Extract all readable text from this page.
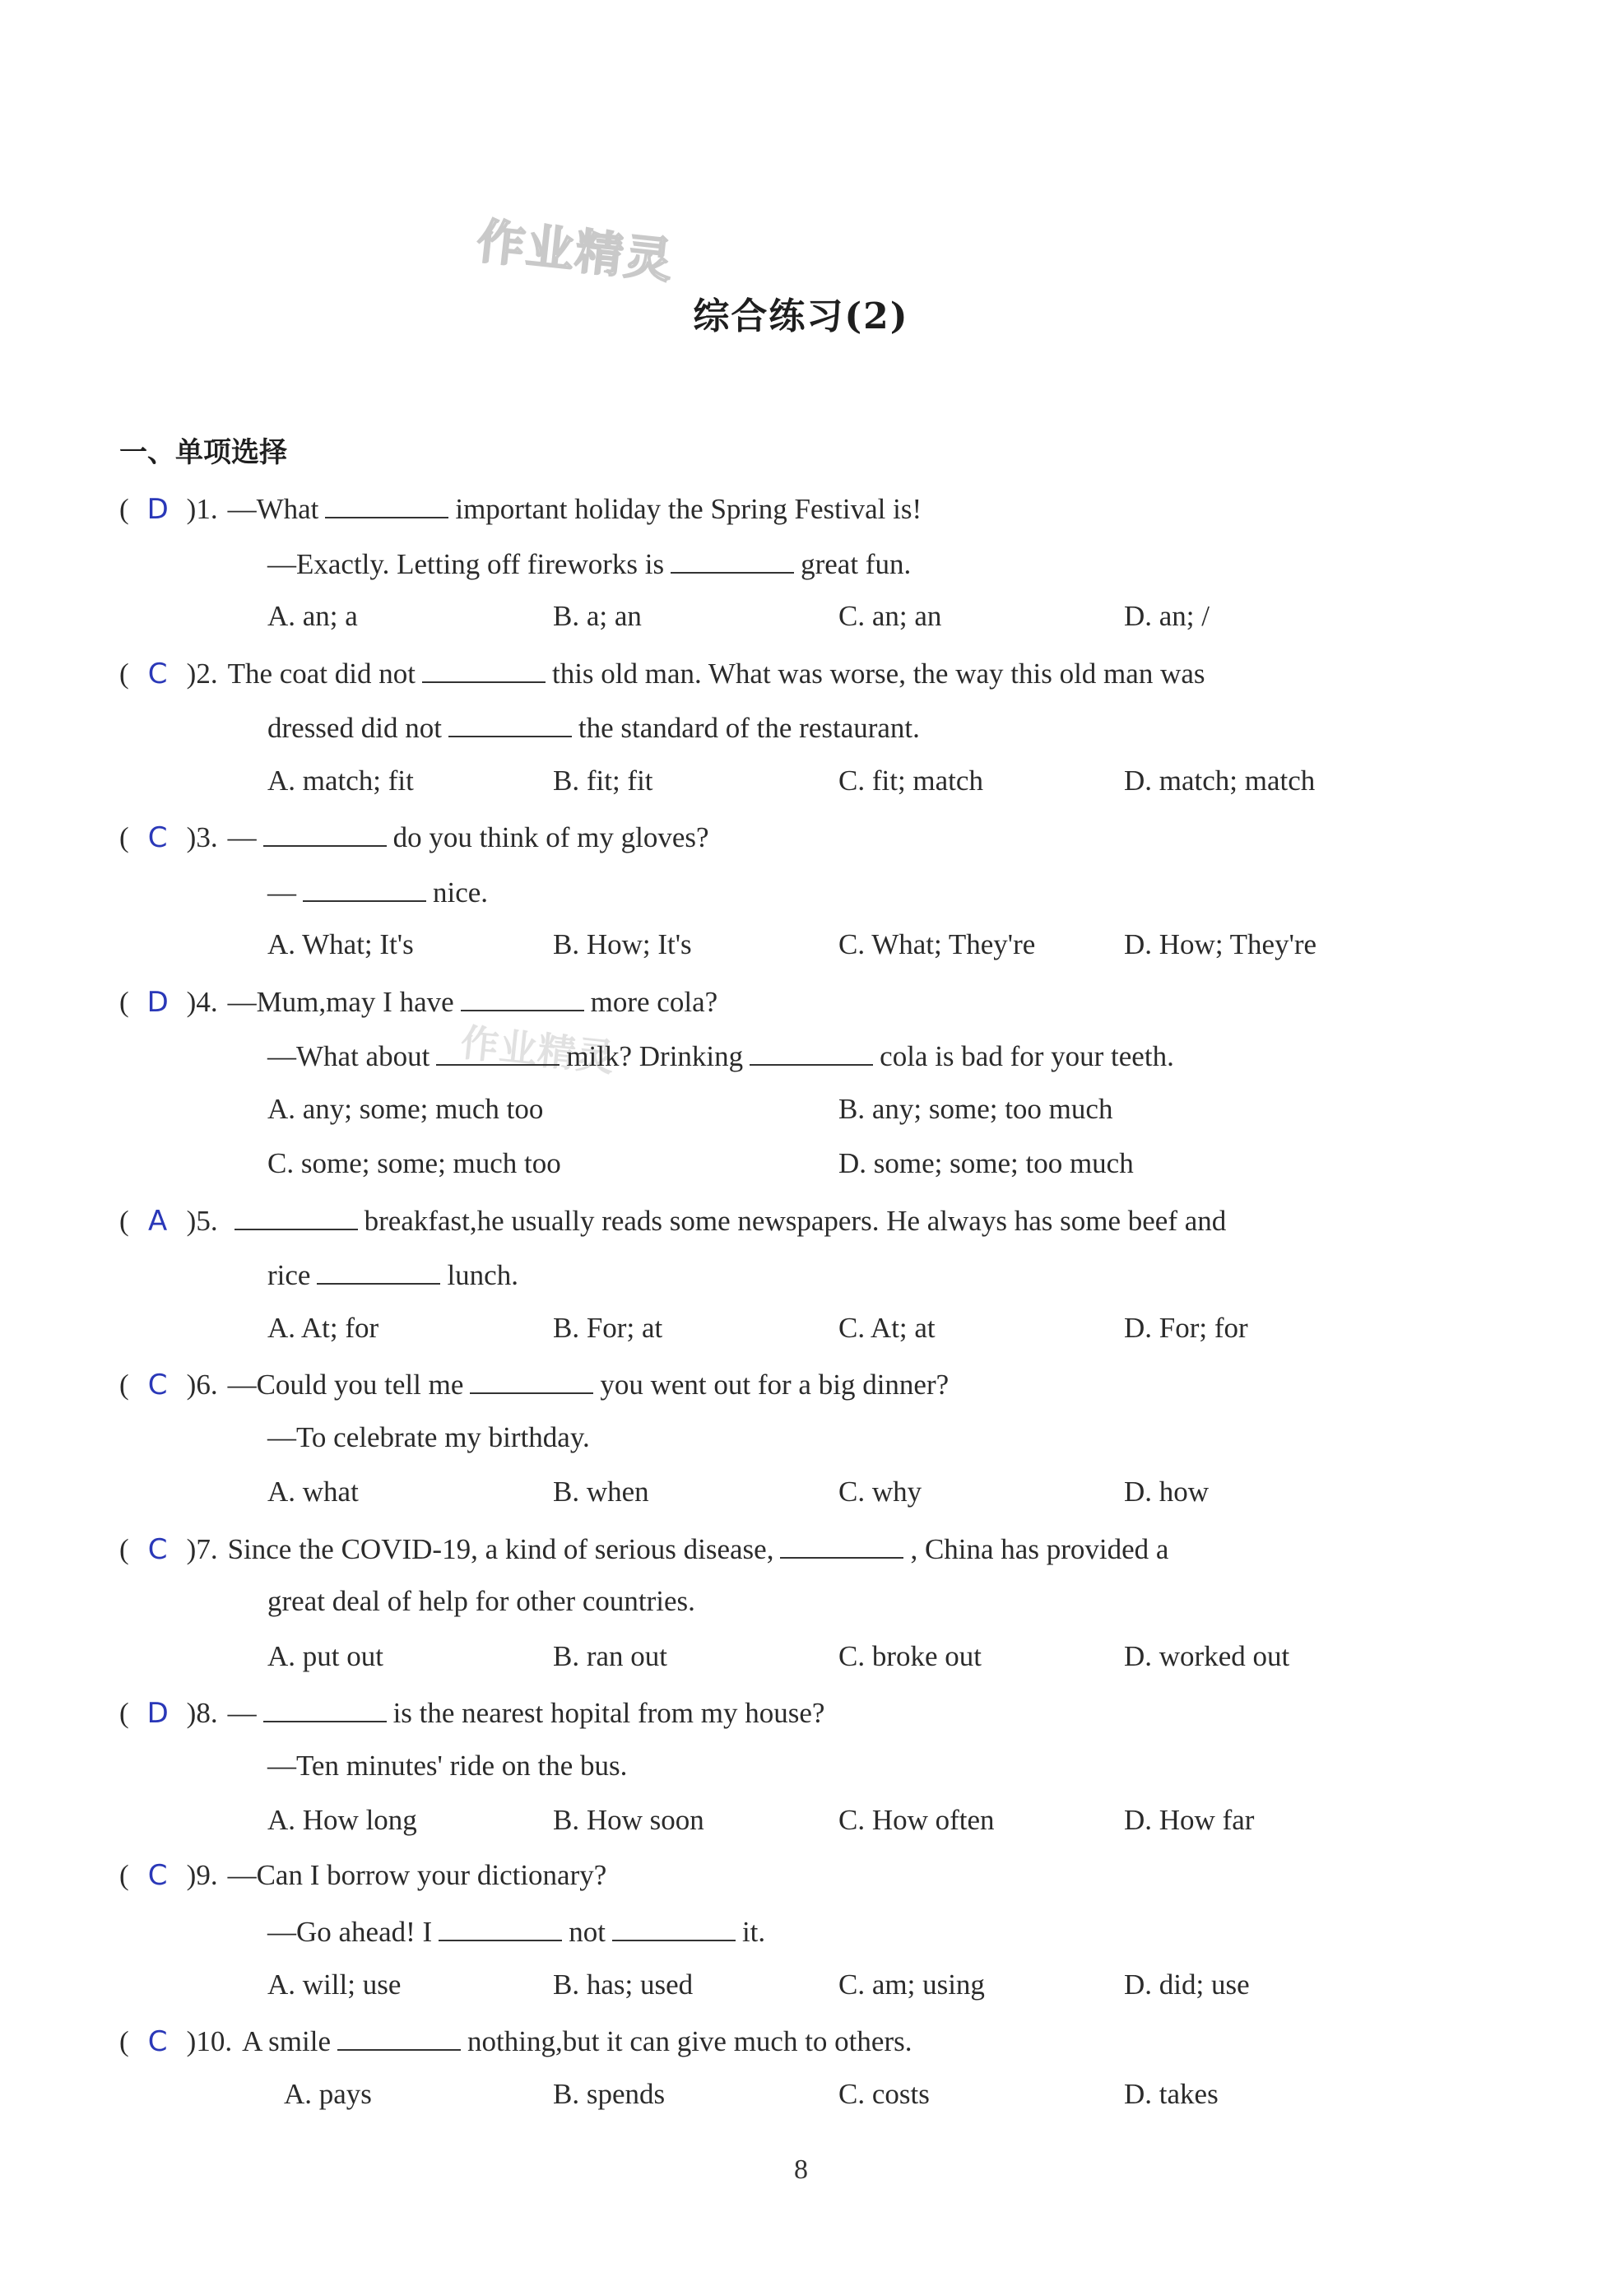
作业精灵
作业精灵
综合练习(2)
一、单项选择
( D )1. —What	important holiday the Spring Festival is!
—Exactly. Letting off fireworks is	great fun.
A. an; a	B. a; an	C. an; an	D. an; /
( C )2. The coat did not	this old man. What was worse, the way this old man was
dressed did not	the standard of the restaurant.
A. match; fit	B. fit; fit	C. fit; match	D. match; match
( C )3. —	do you think of my gloves?
—	nice.
A. What; It's	B. How; It's	C. What; They're	D. How; They're
( D )4. —Mum,may I have	more cola?
—What about	milk? Drinking	cola is bad for your teeth.
A. any; some; much too	B. any; some; too much
C. some; some; much too	D. some; some; too much
( A )5.	breakfast,he usually reads some newspapers. He always has some beef and
rice	lunch.
A. At; for	B. For; at	C. At; at	D. For; for
( C )6. —Could you tell me	you went out for a big dinner?
—To celebrate my birthday.
A. what	B. when	C. why	D. how
( C )7. Since the COVID-19, a kind of serious disease,	, China has provided a
great deal of help for other countries.
A. put out	B. ran out	C. broke out	D. worked out
( D )8. —	is the nearest hopital from my house?
—Ten minutes' ride on the bus.
A. How long	B. How soon	C. How often	D. How far
( C )9. —Can I borrow your dictionary?
—Go ahead! I	not	it.
A. will; use	B. has; used	C. am; using	D. did; use
( C )10. A smile	nothing,but it can give much to others.
A. pays	B. spends	C. costs	D. takes
8
